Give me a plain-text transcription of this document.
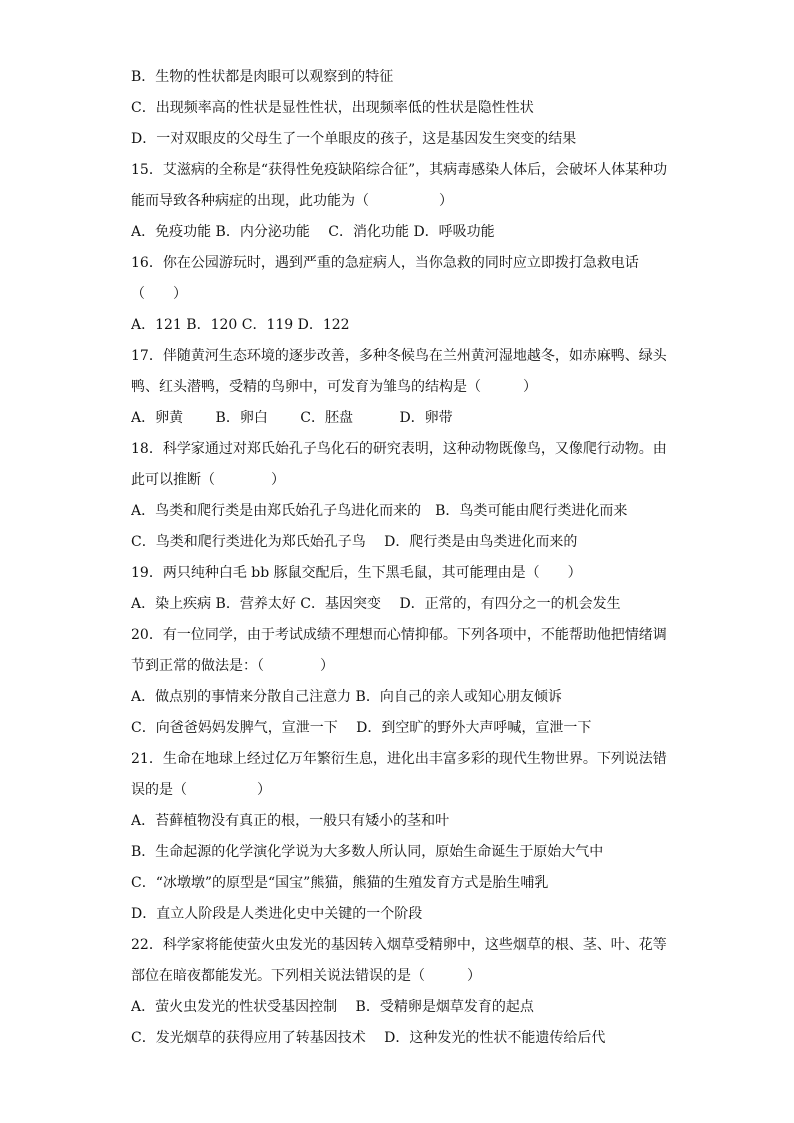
B．生物的性状都是肉眼可以观察到的特征
C．出现频率高的性状是显性性状，出现频率低的性状是隐性性状
D．一对双眼皮的父母生了一个单眼皮的孩子，这是基因发生突变的结果
15．艾滋病的全称是“获得性免疫缺陷综合征”，其病毒感染人体后，会破坏人体某种功
能而导致各种病症的出现，此功能为（　　　　　）
A．免疫功能 B．内分泌功能　 C．消化功能 D．呼吸功能
16．你在公园游玩时，遇到严重的急症病人，当你急救的同时应立即拨打急救电话
（　　）
A．121 B．120 C．119 D．122
17．伴随黄河生态环境的逐步改善，多种冬候鸟在兰州黄河湿地越冬，如赤麻鸭、绿头
鸭、红头潜鸭，受精的鸟卵中，可发育为雏鸟的结构是（　　　）
A．卵黄　　 B．卵白　　 C．胚盘　　　 D．卵带
18．科学家通过对郑氏始孔子鸟化石的研究表明，这种动物既像鸟，又像爬行动物。由
此可以推断（　　　　）
A．鸟类和爬行类是由郑氏始孔子鸟进化而来的　B．鸟类可能由爬行类进化而来
C．鸟类和爬行类进化为郑氏始孔子鸟　 D．爬行类是由鸟类进化而来的
19．两只纯种白毛 bb 豚鼠交配后，生下黑毛鼠，其可能理由是（　　）
A．染上疾病 B．营养太好 C．基因突变　 D．正常的，有四分之一的机会发生
20．有一位同学，由于考试成绩不理想而心情抑郁。下列各项中，不能帮助他把情绪调
节到正常的做法是：（　　　　）
A．做点别的事情来分散自己注意力 B．向自己的亲人或知心朋友倾诉
C．向爸爸妈妈发脾气，宣泄一下　 D．到空旷的野外大声呼喊，宣泄一下
21．生命在地球上经过亿万年繁衍生息，进化出丰富多彩的现代生物世界。下列说法错
误的是（　　　　　）
A．苔藓植物没有真正的根，一般只有矮小的茎和叶
B．生命起源的化学演化学说为大多数人所认同，原始生命诞生于原始大气中
C．“冰墩墩”的原型是“国宝”熊猫，熊猫的生殖发育方式是胎生哺乳
D．直立人阶段是人类进化史中关键的一个阶段
22．科学家将能使萤火虫发光的基因转入烟草受精卵中，这些烟草的根、茎、叶、花等
部位在暗夜都能发光。下列相关说法错误的是（　　　）
A．萤火虫发光的性状受基因控制　 B．受精卵是烟草发育的起点
C．发光烟草的获得应用了转基因技术　 D．这种发光的性状不能遗传给后代
